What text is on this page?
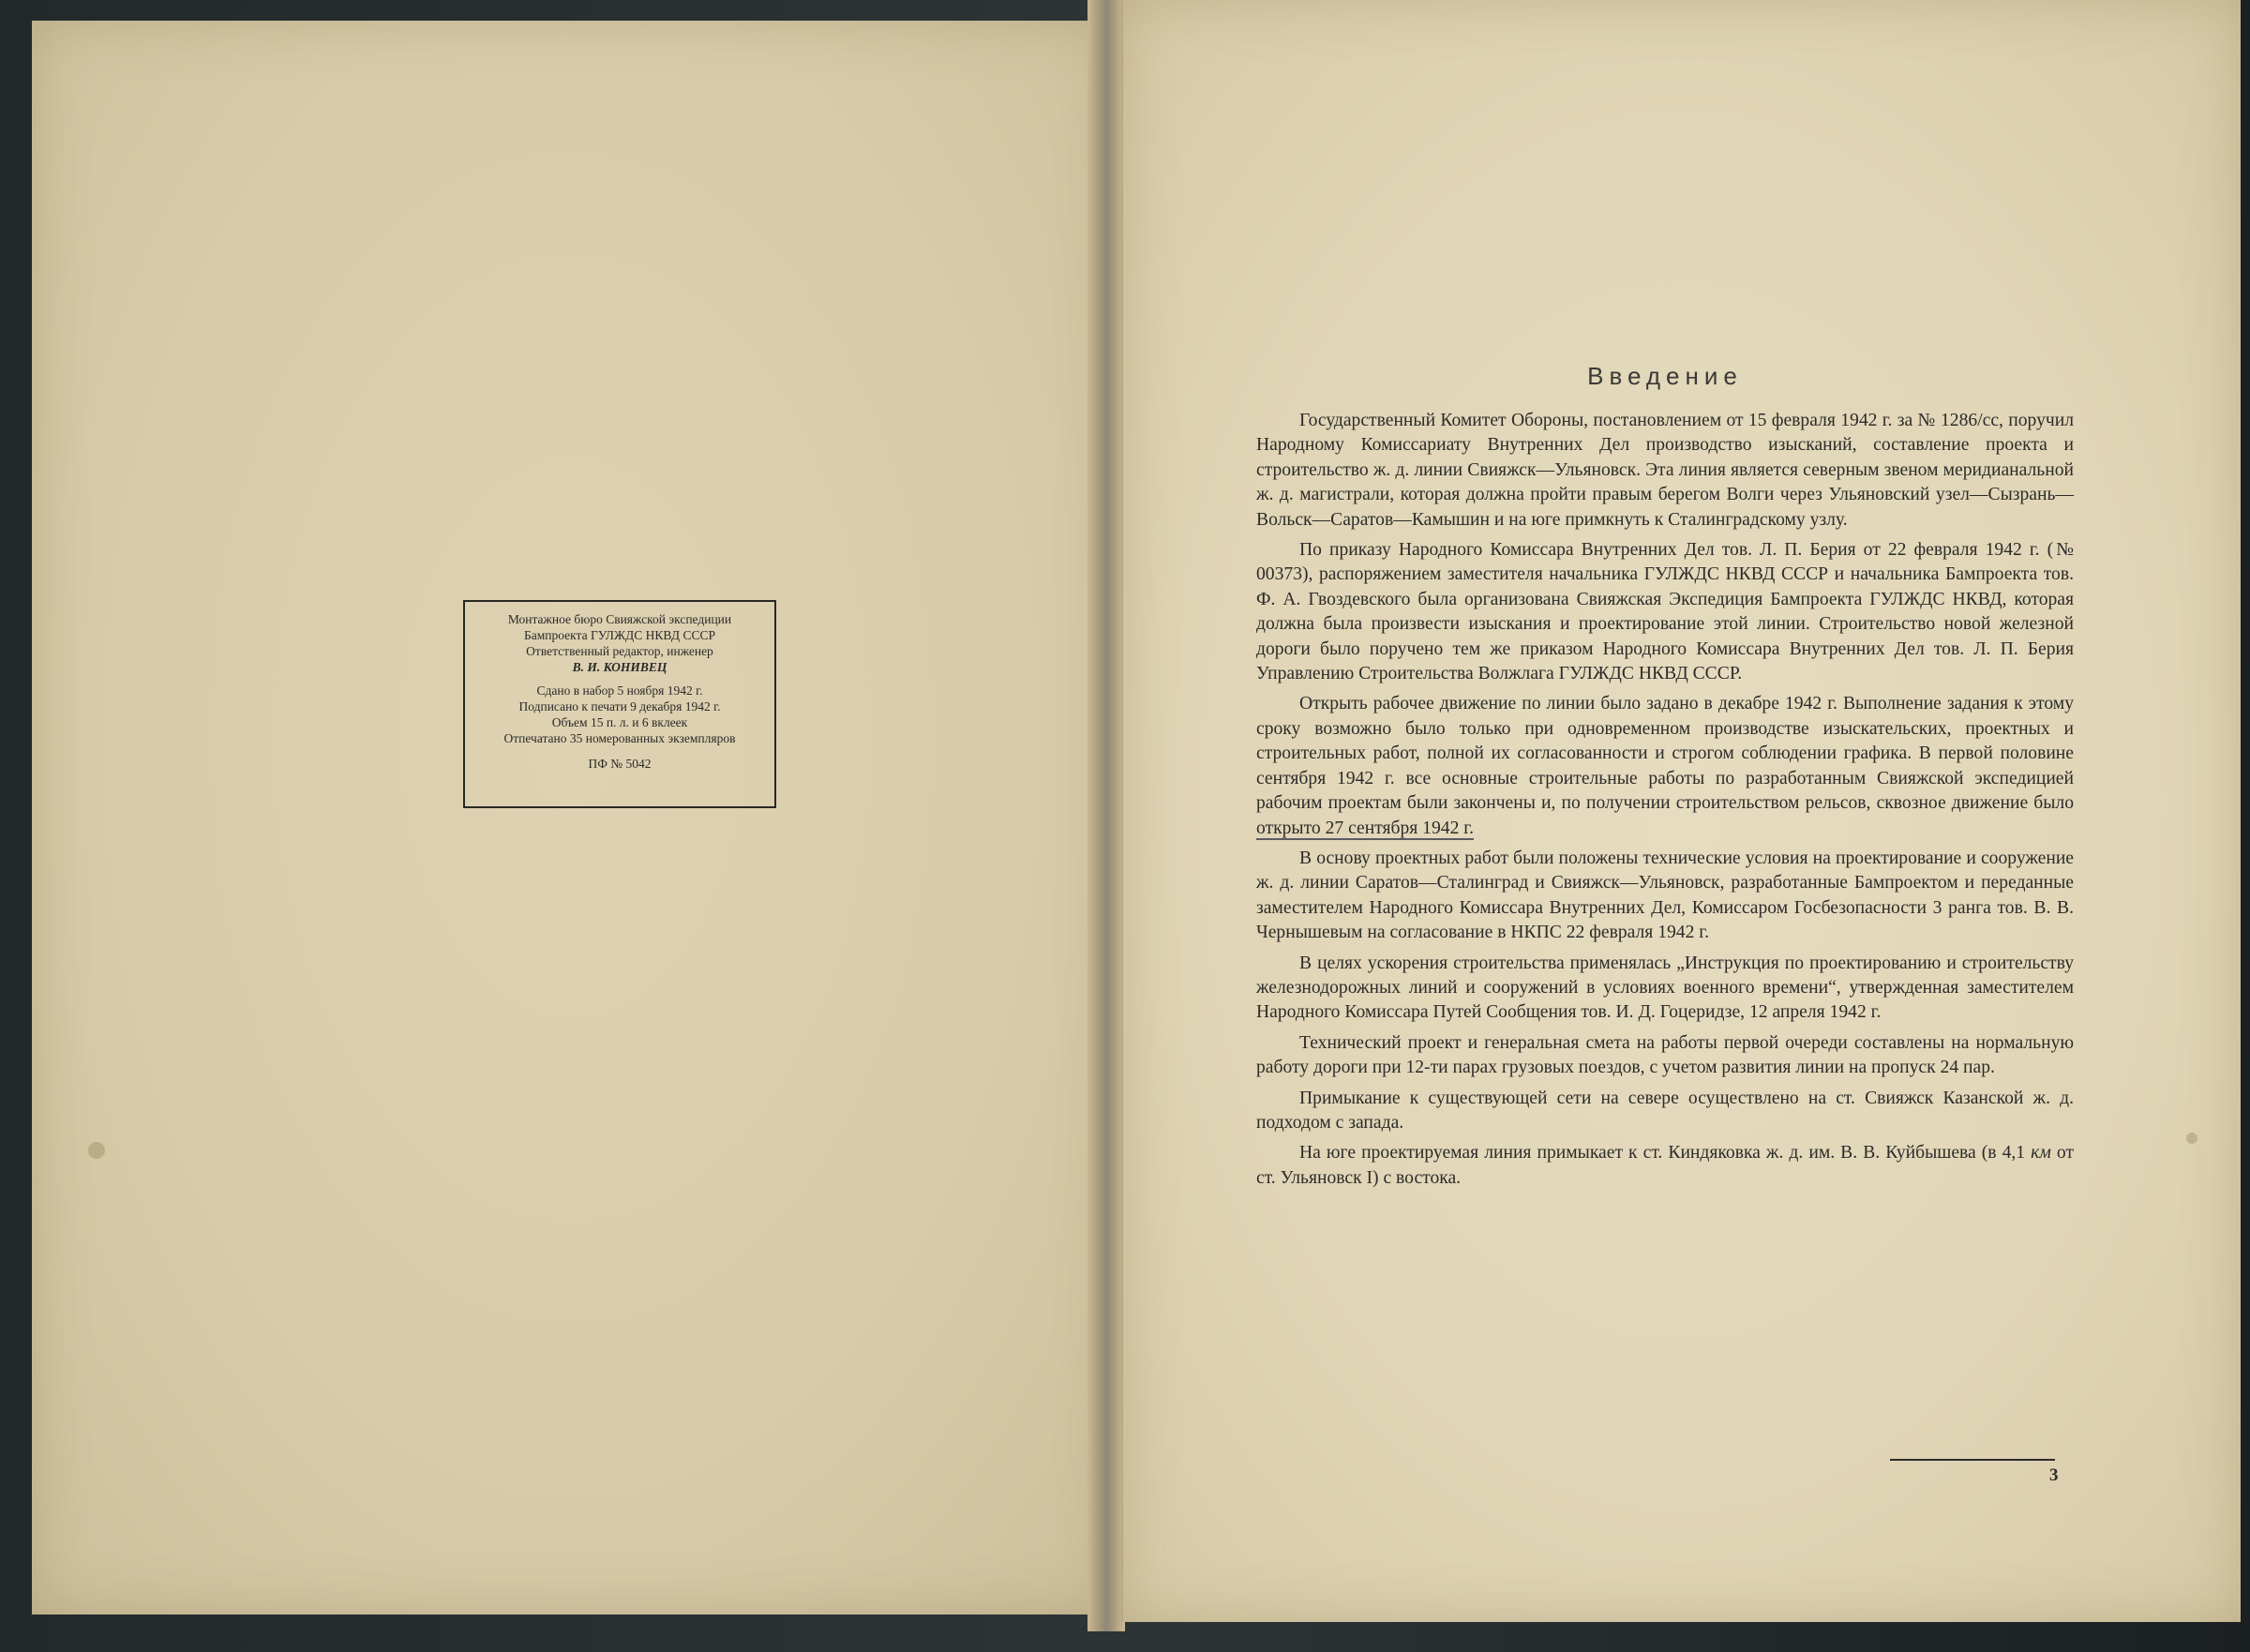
Монтажное бюро Свияжской экспедиции
Бампроекта ГУЛЖДС НКВД СССР
Ответственный редактор, инженер
В. И. КОНИВЕЦ
Сдано в набор 5 ноября 1942 г.
Подписано к печати 9 декабря 1942 г.
Объем 15 п. л. и 6 вклеек
Отпечатано 35 номерованных экземпляров
ПФ № 5042
Введение

Государственный Комитет Обороны, постановлением от 15 февраля 1942 г. за № 1286/сс, поручил Народному Комиссариату Внутренних Дел производство изысканий, составление проекта и строительство ж. д. линии Свияжск—Ульяновск. Эта линия является северным звеном меридианальной ж. д. магистрали, которая должна пройти правым берегом Волги через Ульяновский узел—Сызрань—Вольск—Саратов—Камышин и на юге примкнуть к Сталинградскому узлу.

По приказу Народного Комиссара Внутренних Дел тов. Л. П. Берия от 22 февраля 1942 г. (№ 00373), распоряжением заместителя начальника ГУЛЖДС НКВД СССР и начальника Бампроекта тов. Ф. А. Гвоздевского была организована Свияжская Экспедиция Бампроекта ГУЛЖДС НКВД, которая должна была произвести изыскания и проектирование этой линии. Строительство новой железной дороги было поручено тем же приказом Народного Комиссара Внутренних Дел тов. Л. П. Берия Управлению Строительства Волжлага ГУЛЖДС НКВД СССР.

Открыть рабочее движение по линии было задано в декабре 1942 г. Выполнение задания к этому сроку возможно было только при одновременном производстве изыскательских, проектных и строительных работ, полной их согласованности и строгом соблюдении графика. В первой половине сентября 1942 г. все основные строительные работы по разработанным Свияжской экспедицией рабочим проектам были закончены и, по получении строительством рельсов, сквозное движение было открыто 27 сентября 1942 г.

В основу проектных работ были положены технические условия на проектирование и сооружение ж. д. линии Саратов—Сталинград и Свияжск—Ульяновск, разработанные Бампроектом и переданные заместителем Народного Комиссара Внутренних Дел, Комиссаром Госбезопасности 3 ранга тов. В. В. Чернышевым на согласование в НКПС 22 февраля 1942 г.

В целях ускорения строительства применялась „Инструкция по проектированию и строительству железнодорожных линий и сооружений в условиях военного времени“, утвержденная заместителем Народного Комиссара Путей Сообщения тов. И. Д. Гоцеридзе, 12 апреля 1942 г.

Технический проект и генеральная смета на работы первой очереди составлены на нормальную работу дороги при 12-ти парах грузовых поездов, с учетом развития линии на пропуск 24 пар.

Примыкание к существующей сети на севере осуществлено на ст. Свияжск Казанской ж. д. подходом с запада.

На юге проектируемая линия примыкает к ст. Киндяковка ж. д. им. В. В. Куйбышева (в 4,1 км от ст. Ульяновск I) с востока.

3
